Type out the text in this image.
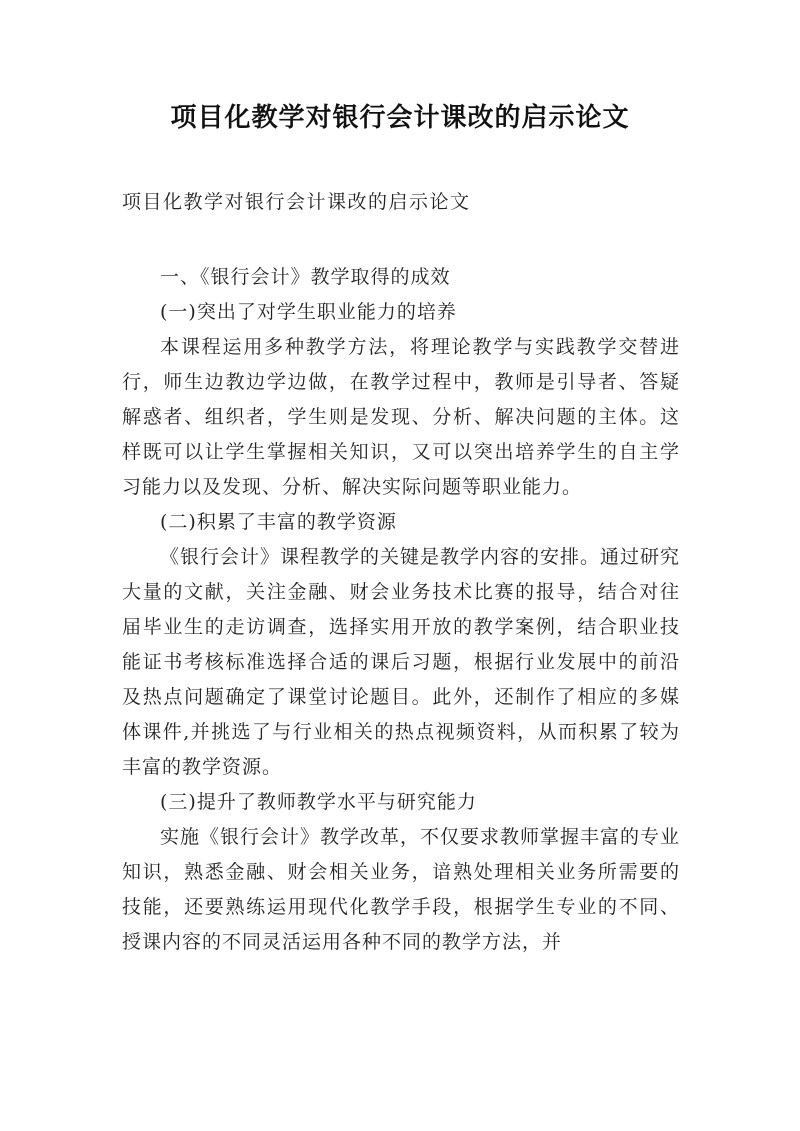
项目化教学对银行会计课改的启示论文
项目化教学对银行会计课改的启示论文

一、《银行会计》教学取得的成效

(一)突出了对学生职业能力的培养

本课程运用多种教学方法，将理论教学与实践教学交替进行，师生边教边学边做，在教学过程中，教师是引导者、答疑解惑者、组织者，学生则是发现、分析、解决问题的主体。这样既可以让学生掌握相关知识，又可以突出培养学生的自主学习能力以及发现、分析、解决实际问题等职业能力。

(二)积累了丰富的教学资源

《银行会计》课程教学的关键是教学内容的安排。通过研究大量的文献，关注金融、财会业务技术比赛的报导，结合对往届毕业生的走访调查，选择实用开放的教学案例，结合职业技能证书考核标准选择合适的课后习题，根据行业发展中的前沿及热点问题确定了课堂讨论题目。此外，还制作了相应的多媒体课件,并挑选了与行业相关的热点视频资料，从而积累了较为丰富的教学资源。

(三)提升了教师教学水平与研究能力

实施《银行会计》教学改革，不仅要求教师掌握丰富的专业知识，熟悉金融、财会相关业务，谙熟处理相关业务所需要的技能，还要熟练运用现代化教学手段，根据学生专业的不同、授课内容的不同灵活运用各种不同的教学方法，并
